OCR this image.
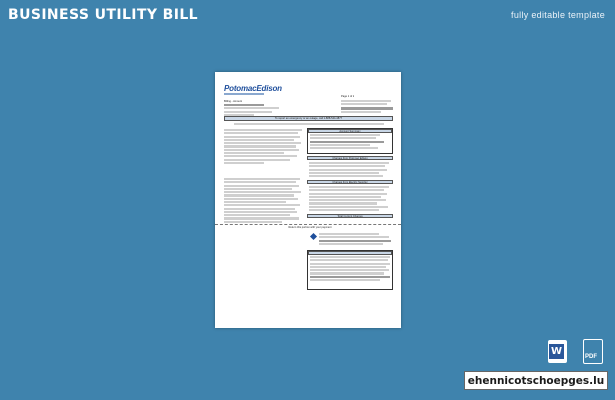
BUSINESS UTILITY BILL	fully editable template
PotomacEdison
Billing - Amount
Page 1 of 2
To report an emergency or an outage, call 1-888-544-4877
Account Summary
Charges from Potomac Edison
Charges from Electric Supplier
Total Current Charges
Return this portion with your payment
W	PDF
ehennicotschoepges.lu
